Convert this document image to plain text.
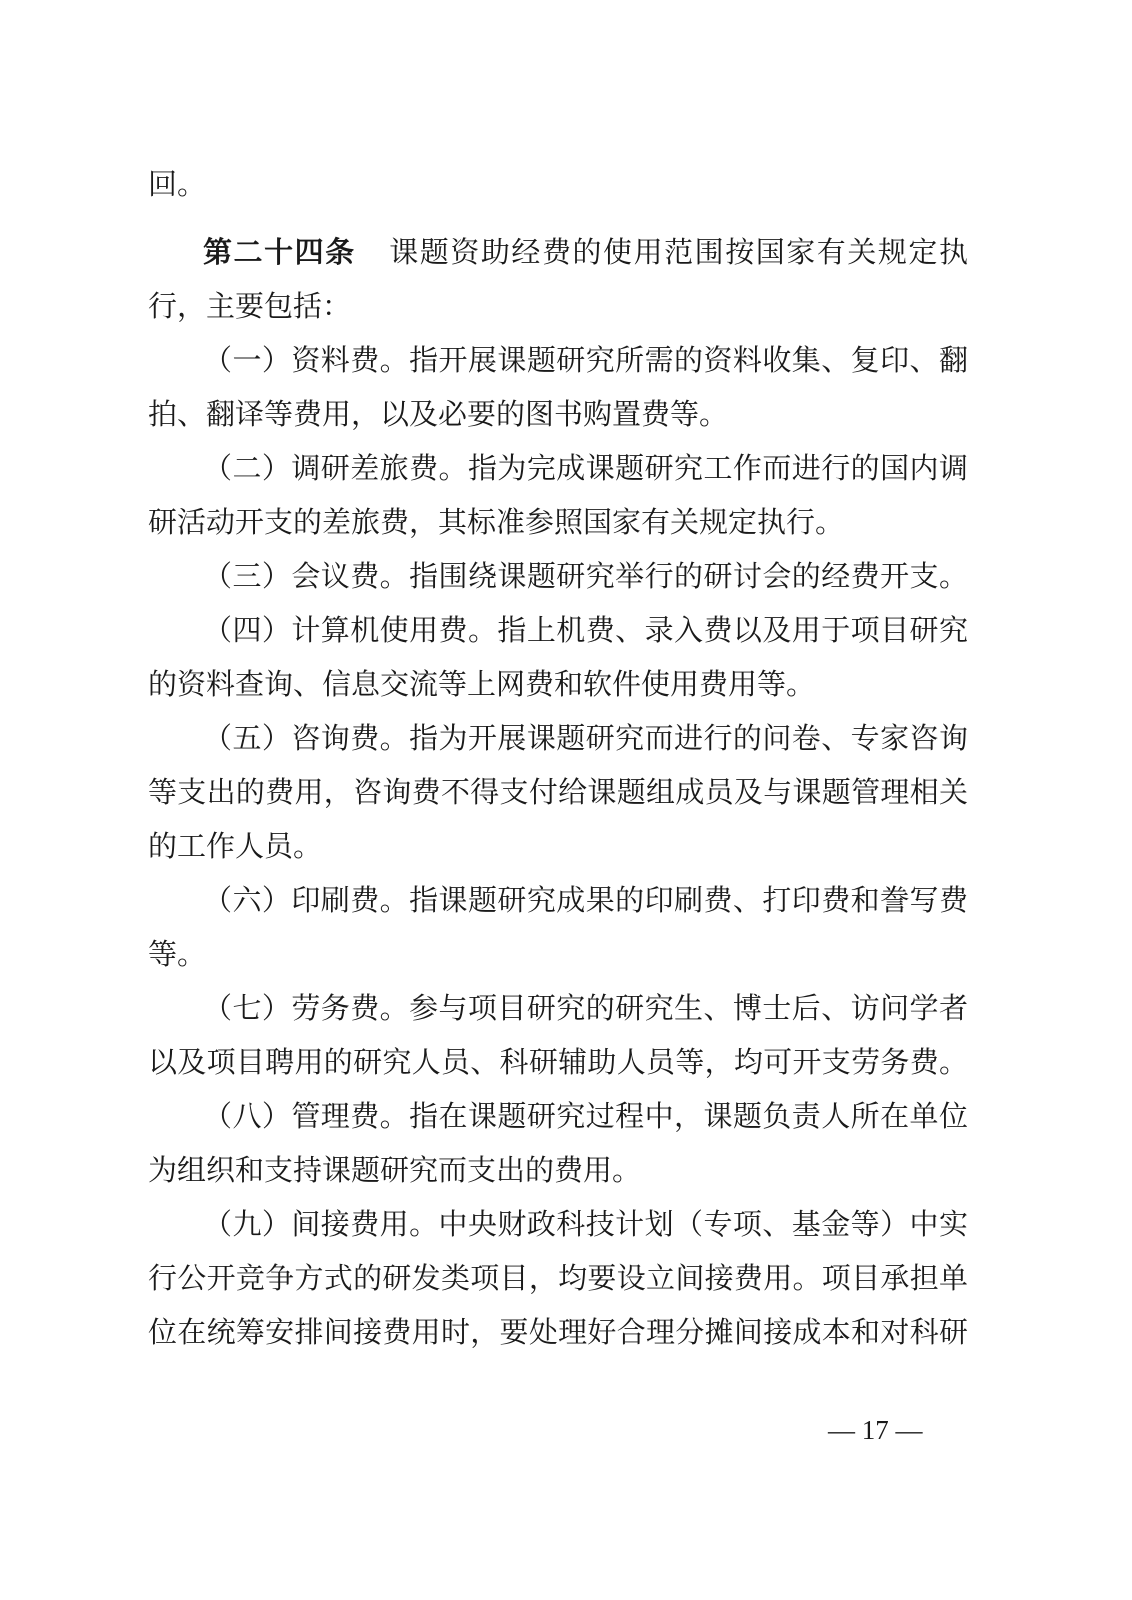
回。
第二十四条 课题资助经费的使用范围按国家有关规定执
行，主要包括：
（一）资料费。指开展课题研究所需的资料收集、复印、翻
拍、翻译等费用，以及必要的图书购置费等。
（二）调研差旅费。指为完成课题研究工作而进行的国内调
研活动开支的差旅费，其标准参照国家有关规定执行。
（三）会议费。指围绕课题研究举行的研讨会的经费开支。
（四）计算机使用费。指上机费、录入费以及用于项目研究
的资料查询、信息交流等上网费和软件使用费用等。
（五）咨询费。指为开展课题研究而进行的问卷、专家咨询
等支出的费用，咨询费不得支付给课题组成员及与课题管理相关
的工作人员。
（六）印刷费。指课题研究成果的印刷费、打印费和誊写费
等。
（七）劳务费。参与项目研究的研究生、博士后、访问学者
以及项目聘用的研究人员、科研辅助人员等，均可开支劳务费。
（八）管理费。指在课题研究过程中，课题负责人所在单位
为组织和支持课题研究而支出的费用。
（九）间接费用。中央财政科技计划（专项、基金等）中实
行公开竞争方式的研发类项目，均要设立间接费用。项目承担单
位在统筹安排间接费用时，要处理好合理分摊间接成本和对科研
— 17 —
